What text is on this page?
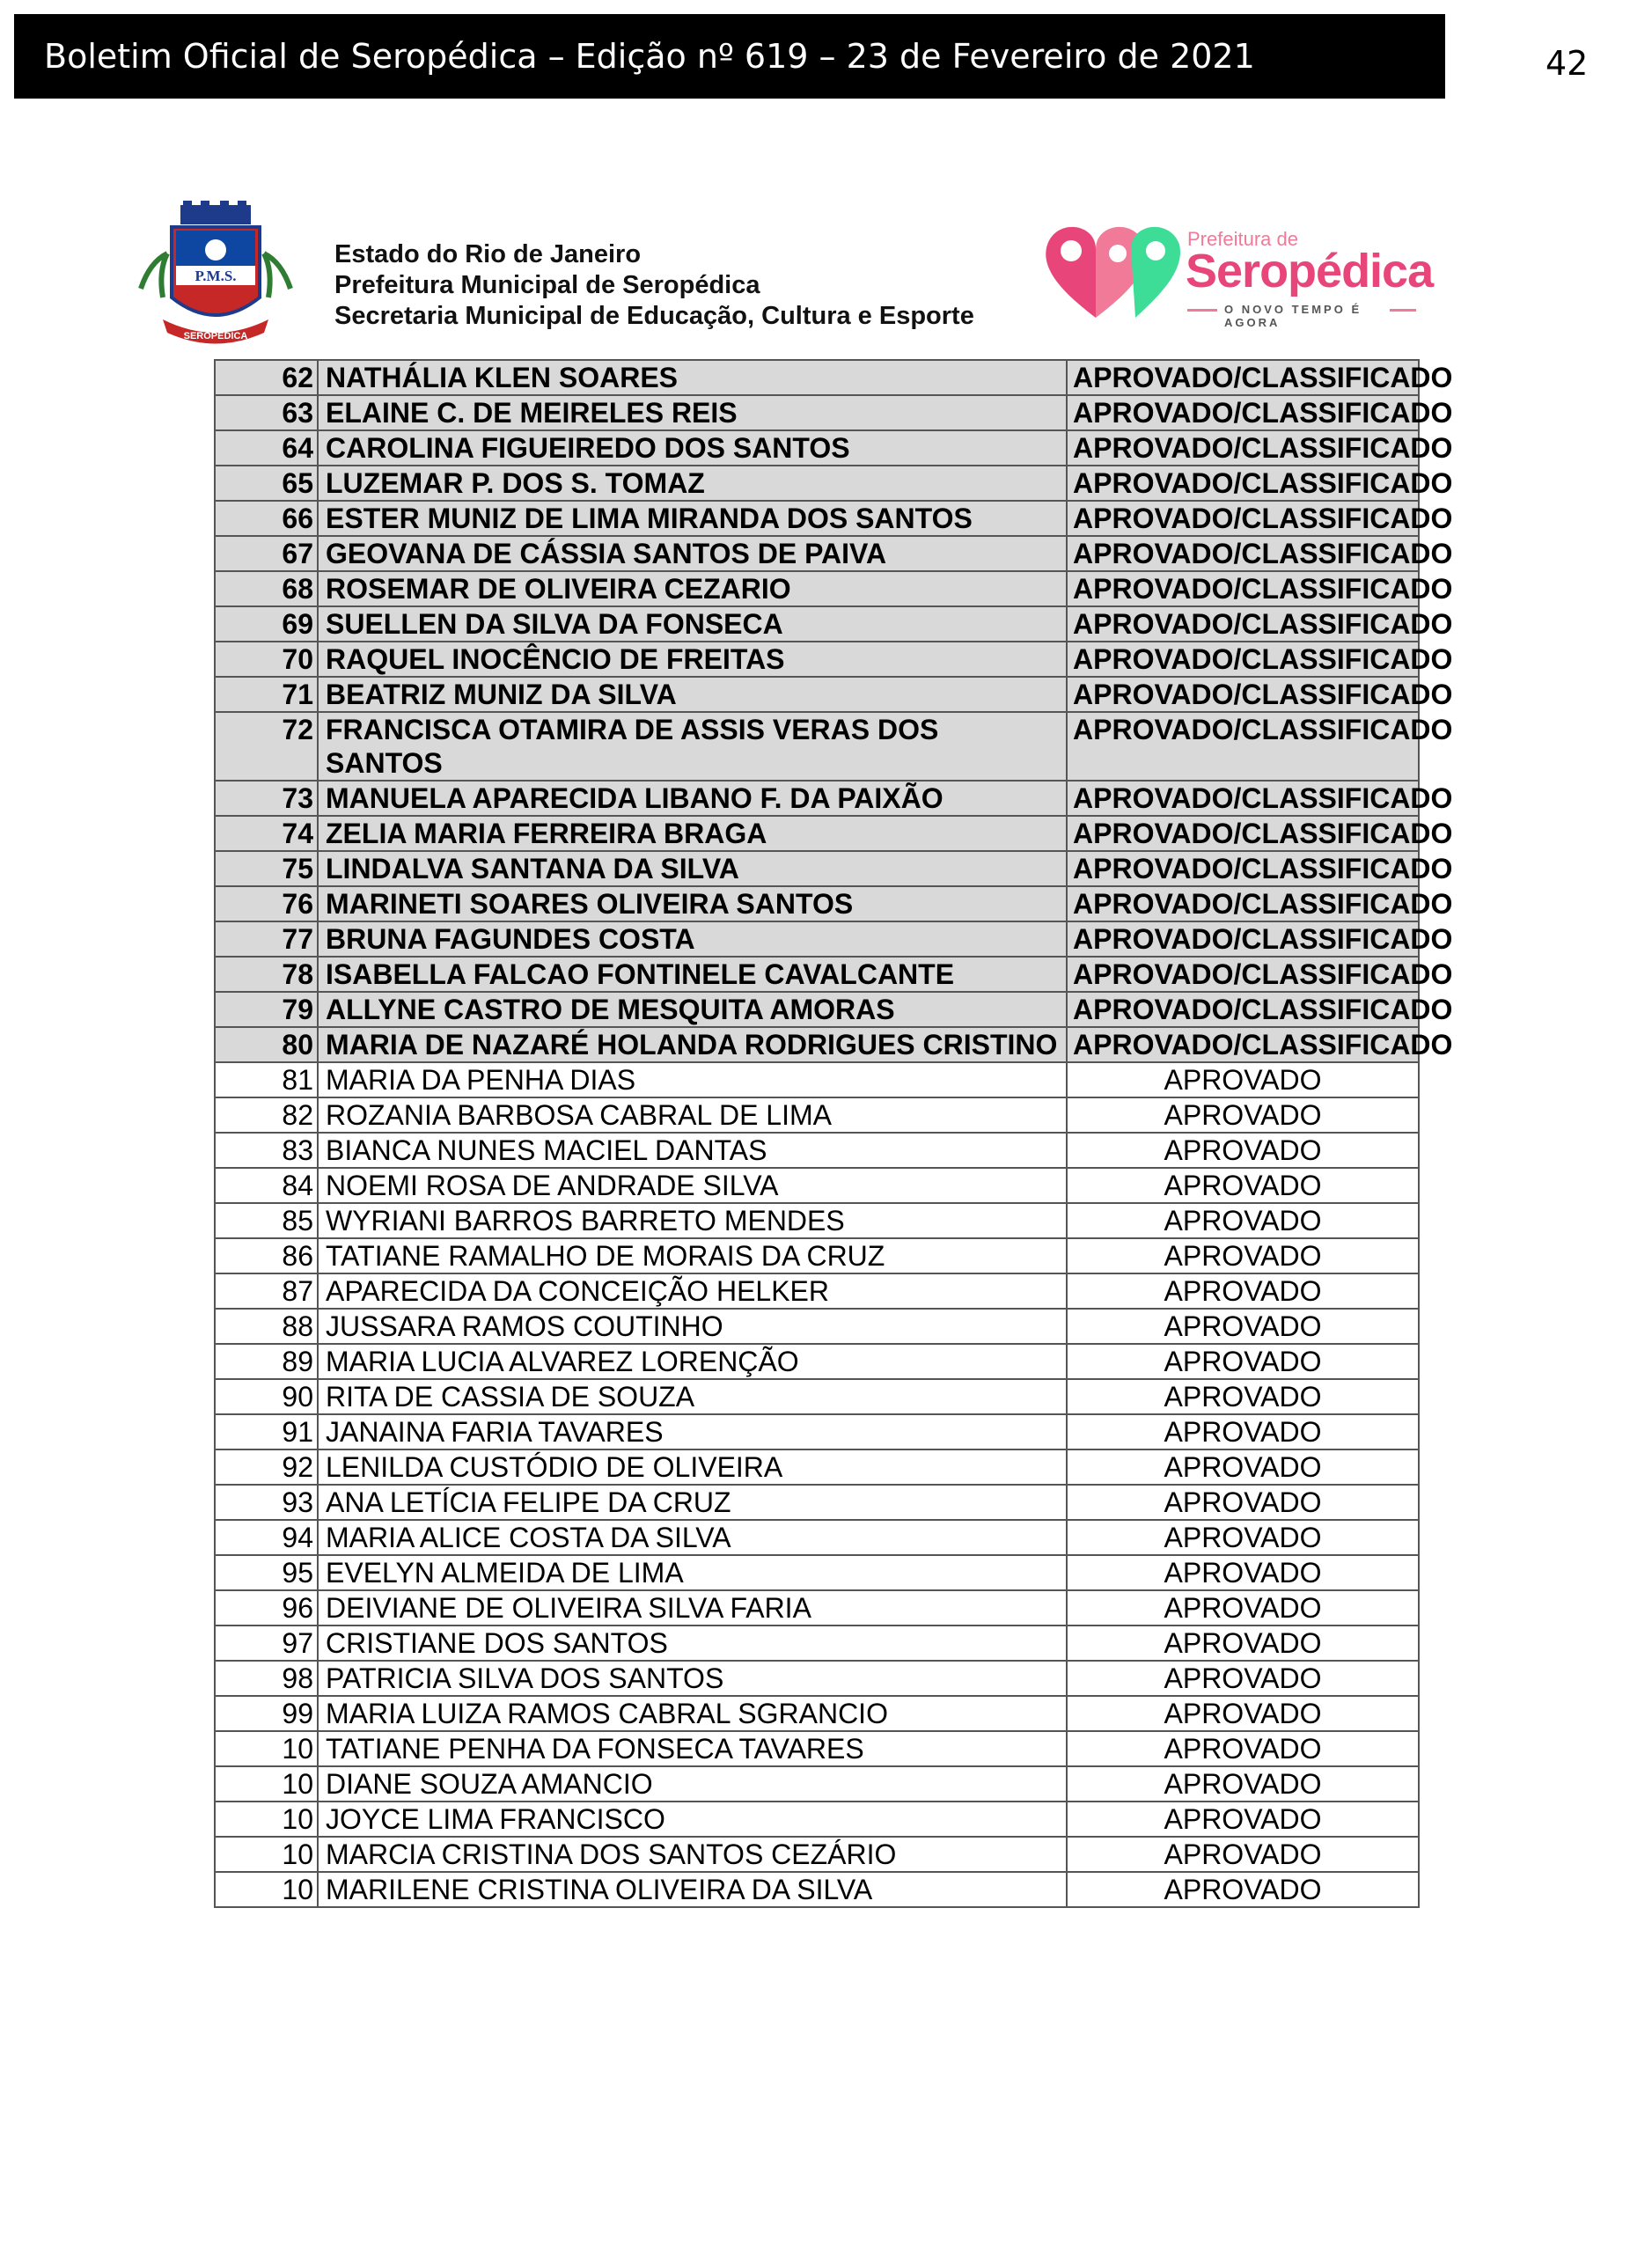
Boletim Oficial de Seropédica – Edição nº 619 – 23 de Fevereiro de 2021	42
P.M.S.
SEROPÉDICA
Estado do Rio de Janeiro
Prefeitura Municipal de Seropédica
Secretaria Municipal de Educação, Cultura e Esporte
Prefeitura de
Seropédica
O NOVO TEMPO É AGORA
62	NATHÁLIA KLEN SOARES	APROVADO/CLASSIFICADO
63	ELAINE C. DE MEIRELES REIS	APROVADO/CLASSIFICADO
64	CAROLINA FIGUEIREDO DOS SANTOS	APROVADO/CLASSIFICADO
65	LUZEMAR P. DOS S. TOMAZ	APROVADO/CLASSIFICADO
66	ESTER MUNIZ DE LIMA MIRANDA DOS SANTOS	APROVADO/CLASSIFICADO
67	GEOVANA DE CÁSSIA SANTOS DE PAIVA	APROVADO/CLASSIFICADO
68	ROSEMAR DE OLIVEIRA CEZARIO	APROVADO/CLASSIFICADO
69	SUELLEN DA SILVA DA FONSECA	APROVADO/CLASSIFICADO
70	RAQUEL INOCÊNCIO DE FREITAS	APROVADO/CLASSIFICADO
71	BEATRIZ MUNIZ DA SILVA	APROVADO/CLASSIFICADO
72	FRANCISCA OTAMIRA DE ASSIS VERAS DOS SANTOS	APROVADO/CLASSIFICADO
73	MANUELA APARECIDA LIBANO F. DA PAIXÃO	APROVADO/CLASSIFICADO
74	ZELIA MARIA FERREIRA BRAGA	APROVADO/CLASSIFICADO
75	LINDALVA SANTANA DA SILVA	APROVADO/CLASSIFICADO
76	MARINETI SOARES OLIVEIRA SANTOS	APROVADO/CLASSIFICADO
77	BRUNA FAGUNDES COSTA	APROVADO/CLASSIFICADO
78	ISABELLA FALCAO FONTINELE CAVALCANTE	APROVADO/CLASSIFICADO
79	ALLYNE CASTRO DE MESQUITA AMORAS	APROVADO/CLASSIFICADO
80	MARIA DE NAZARÉ HOLANDA RODRIGUES CRISTINO	APROVADO/CLASSIFICADO
81	MARIA DA PENHA DIAS	APROVADO
82	ROZANIA BARBOSA CABRAL DE LIMA	APROVADO
83	BIANCA NUNES MACIEL DANTAS	APROVADO
84	NOEMI ROSA DE ANDRADE SILVA	APROVADO
85	WYRIANI BARROS BARRETO MENDES	APROVADO
86	TATIANE RAMALHO DE MORAIS DA CRUZ	APROVADO
87	APARECIDA DA CONCEIÇÃO HELKER	APROVADO
88	JUSSARA RAMOS COUTINHO	APROVADO
89	MARIA LUCIA ALVAREZ LORENÇÃO	APROVADO
90	RITA DE CASSIA DE SOUZA	APROVADO
91	JANAINA FARIA TAVARES	APROVADO
92	LENILDA CUSTÓDIO DE OLIVEIRA	APROVADO
93	ANA LETÍCIA FELIPE DA CRUZ	APROVADO
94	MARIA ALICE COSTA DA SILVA	APROVADO
95	EVELYN ALMEIDA DE LIMA	APROVADO
96	DEIVIANE DE OLIVEIRA SILVA FARIA	APROVADO
97	CRISTIANE DOS SANTOS	APROVADO
98	PATRICIA SILVA DOS SANTOS	APROVADO
99	MARIA LUIZA RAMOS CABRAL SGRANCIO	APROVADO
10	TATIANE PENHA DA FONSECA TAVARES	APROVADO
10	DIANE SOUZA AMANCIO	APROVADO
10	JOYCE LIMA FRANCISCO	APROVADO
10	MARCIA CRISTINA DOS SANTOS CEZÁRIO	APROVADO
10	MARILENE CRISTINA OLIVEIRA DA SILVA	APROVADO
